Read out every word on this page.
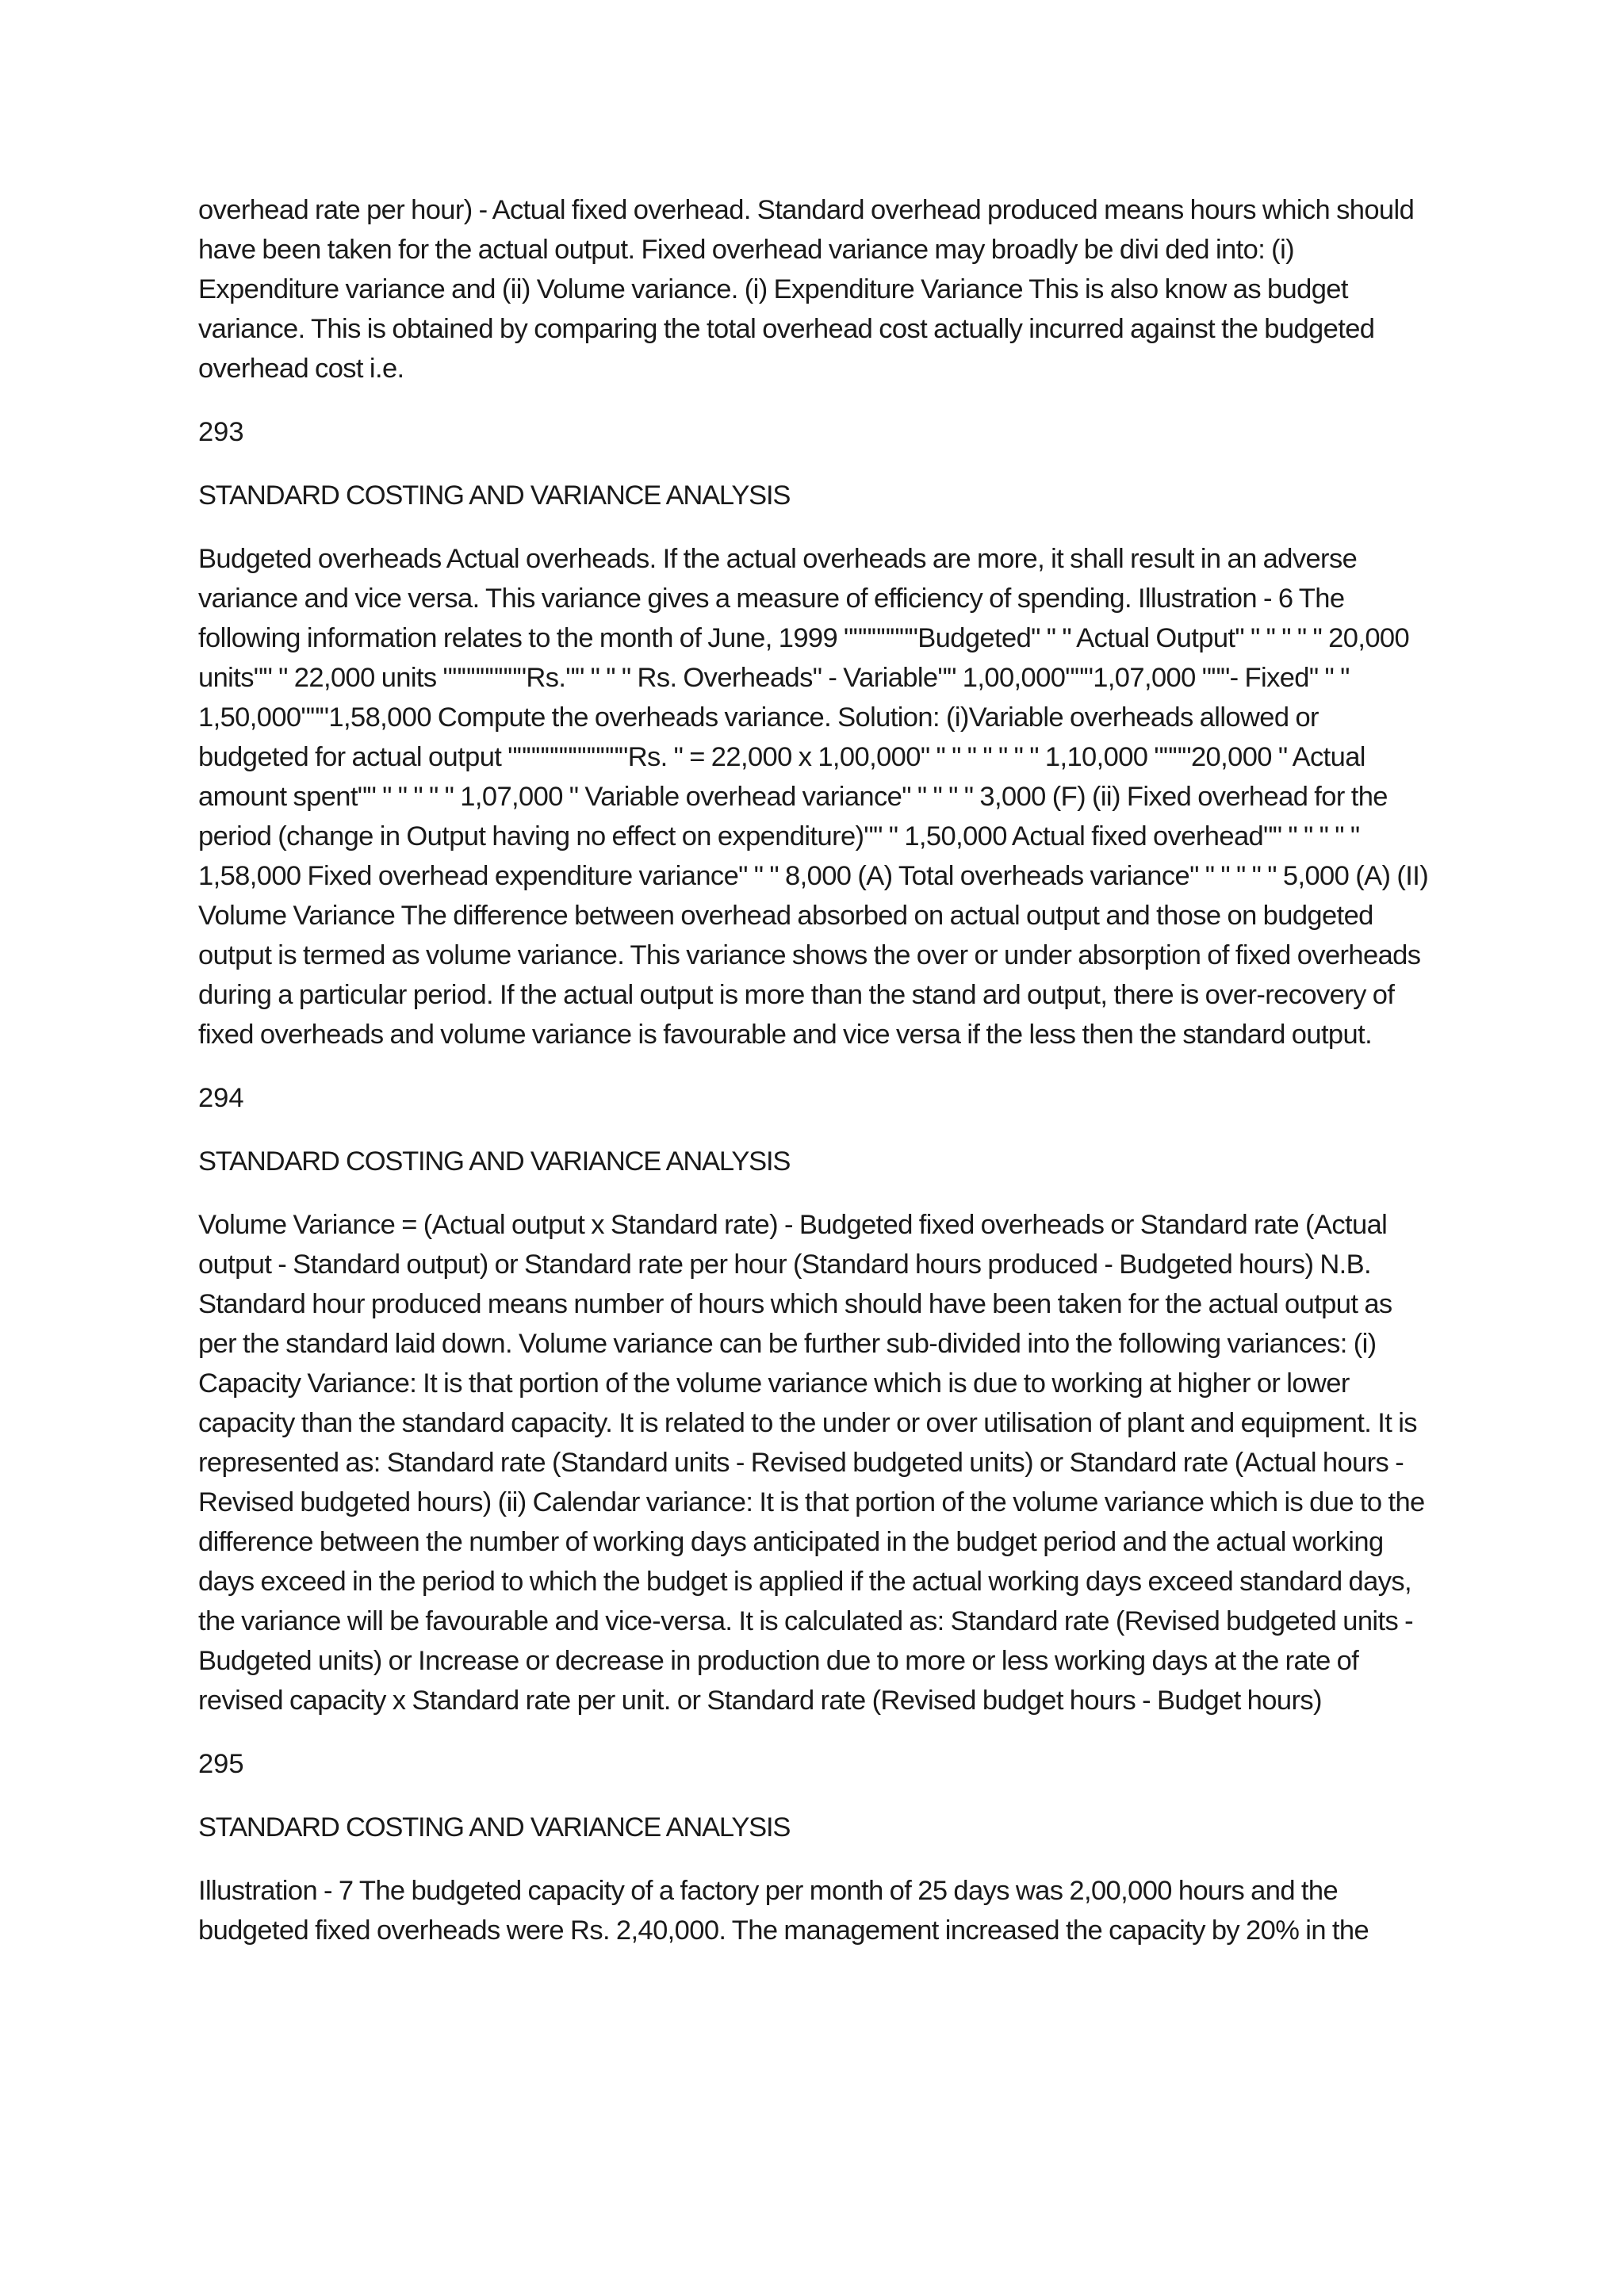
overhead rate per hour) - Actual fixed overhead. Standard overhead produced means hours which should have been taken for the actual output. Fixed overhead variance may broadly be divi ded into: (i) Expenditure variance and (ii) Volume variance. (i) Expenditure Variance This is also know as budget variance. This is obtained by comparing the total overhead cost actually incurred against the budgeted overhead cost i.e.

293

STANDARD COSTING AND VARIANCE ANALYSIS

Budgeted overheads Actual overheads. If the actual overheads are more, it shall result in an adverse variance and vice versa. This variance gives a measure of efficiency of spending. Illustration - 6 The following information relates to the month of June, 1999 """"""""Budgeted" " " Actual Output" " " " " " 20,000 units"" " 22,000 units """""""""Rs."" " " " Rs. Overheads" - Variable"" 1,00,000"""1,07,000 """- Fixed" " " 1,50,000"""1,58,000 Compute the overheads variance. Solution: (i)Variable overheads allowed or budgeted for actual output """""""""""""Rs. " = 22,000 x 1,00,000" " " " " " " " 1,10,000 """"20,000 " Actual amount spent"" " " " " " 1,07,000 " Variable overhead variance" " " " " 3,000 (F) (ii) Fixed overhead for the period (change in Output having no effect on expenditure)"" " 1,50,000 Actual fixed overhead"" " " " " " 1,58,000 Fixed overhead expenditure variance" " " 8,000 (A) Total overheads variance" " " " " " 5,000 (A) (II) Volume Variance The difference between overhead absorbed on actual output and those on budgeted output is termed as volume variance. This variance shows the over or under absorption of fixed overheads during a particular period. If the actual output is more than the stand ard output, there is over-recovery of fixed overheads and volume variance is favourable and vice versa if the less then the standard output.

294

STANDARD COSTING AND VARIANCE ANALYSIS

Volume Variance = (Actual output x Standard rate) - Budgeted fixed overheads or Standard rate (Actual output - Standard output) or Standard rate per hour (Standard hours produced - Budgeted hours) N.B. Standard hour produced means number of hours which should have been taken for the actual output as per the standard laid down. Volume variance can be further sub-divided into the following variances: (i) Capacity Variance: It is that portion of the volume variance which is due to working at higher or lower capacity than the standard capacity. It is related to the under or over utilisation of plant and equipment. It is represented as: Standard rate (Standard units - Revised budgeted units) or Standard rate (Actual hours - Revised budgeted hours) (ii) Calendar variance: It is that portion of the volume variance which is due to the difference between the number of working days anticipated in the budget period and the actual working days exceed in the period to which the budget is applied if the actual working days exceed standard days, the variance will be favourable and vice-versa. It is calculated as: Standard rate (Revised budgeted units - Budgeted units) or Increase or decrease in production due to more or less working days at the rate of revised capacity x Standard rate per unit. or Standard rate (Revised budget hours - Budget hours)

295

STANDARD COSTING AND VARIANCE ANALYSIS

Illustration - 7 The budgeted capacity of a factory per month of 25 days was 2,00,000 hours and the budgeted fixed overheads were Rs. 2,40,000. The management increased the capacity by 20% in the
